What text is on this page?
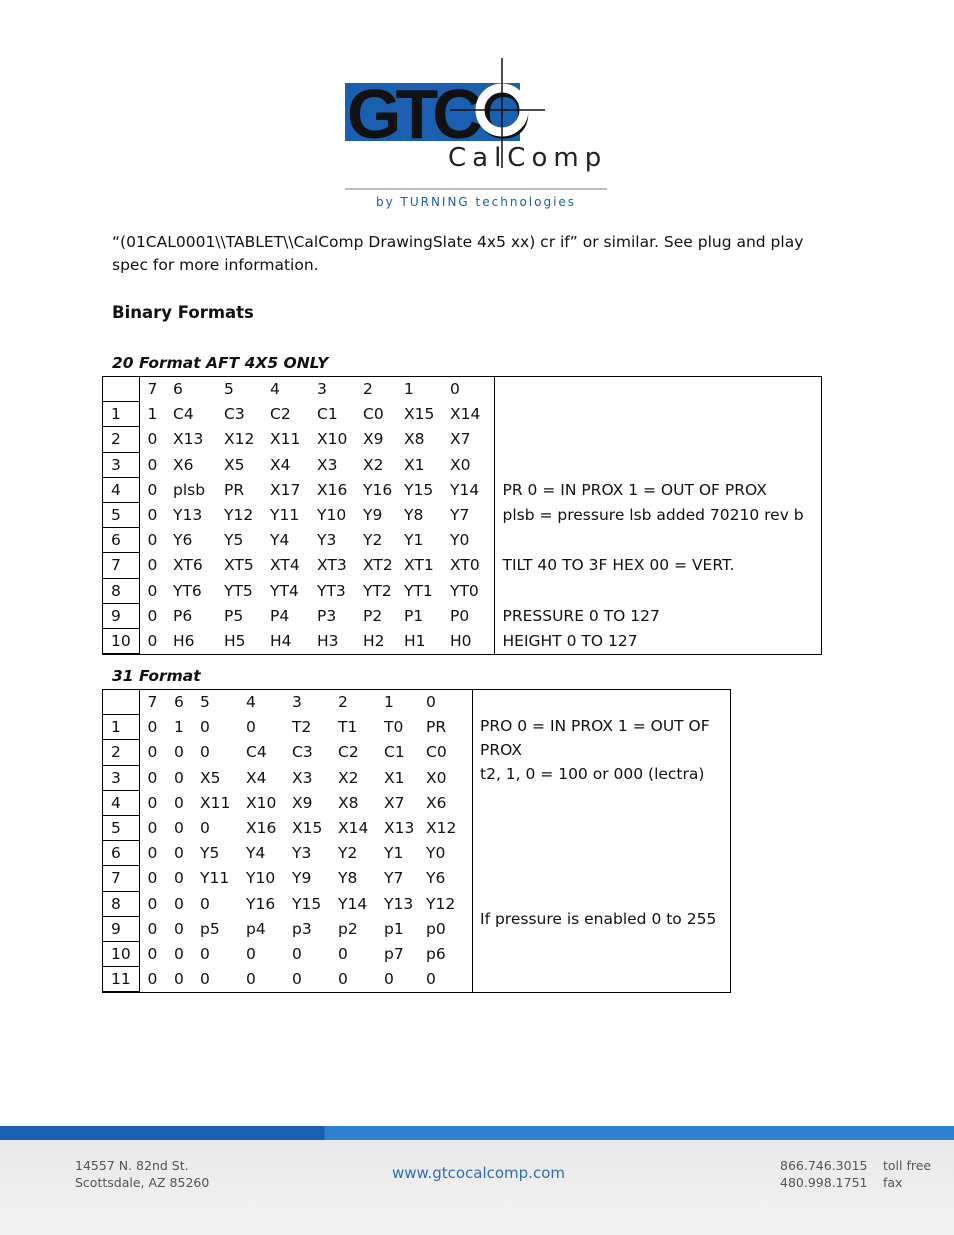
GTCO
CalComp
by TURNING technologies

“(01CAL0001\\TABLET\\CalComp DrawingSlate 4x5 xx) cr if” or similar. See plug and play spec for more information.

Binary Formats

20 Format AFT 4X5 ONLY

	7	6	5	4	3	2	1	0	
1	1	C4	C3	C2	C1	C0	X15	X14	
2	0	X13	X12	X11	X10	X9	X8	X7	
3	0	X6	X5	X4	X3	X2	X1	X0	
4	0	plsb	PR	X17	X16	Y16	Y15	Y14	PR 0 = IN PROX 1 = OUT OF PROX
5	0	Y13	Y12	Y11	Y10	Y9	Y8	Y7	plsb = pressure lsb added 70210 rev b
6	0	Y6	Y5	Y4	Y3	Y2	Y1	Y0	
7	0	XT6	XT5	XT4	XT3	XT2	XT1	XT0	TILT 40 TO 3F HEX 00 = VERT.
8	0	YT6	YT5	YT4	YT3	YT2	YT1	YT0	
9	0	P6	P5	P4	P3	P2	P1	P0	PRESSURE 0 TO 127
10	0	H6	H5	H4	H3	H2	H1	H0	HEIGHT 0 TO 127

31 Format

	7	6	5	4	3	2	1	0	
1	0	1	0	0	T2	T1	T0	PR	
2	0	0	0	C4	C3	C2	C1	C0	
3	0	0	X5	X4	X3	X2	X1	X0	
4	0	0	X11	X10	X9	X8	X7	X6	
5	0	0	0	X16	X15	X14	X13	X12	
6	0	0	Y5	Y4	Y3	Y2	Y1	Y0	
7	0	0	Y11	Y10	Y9	Y8	Y7	Y6	
8	0	0	0	Y16	Y15	Y14	Y13	Y12	
9	0	0	p5	p4	p3	p2	p1	p0	
10	0	0	0	0	0	0	p7	p6	
11	0	0	0	0	0	0	0	0	
PRO 0 = IN PROX 1 = OUT OF PROX
t2, 1, 0 = 100 or 000 (lectra)
If pressure is enabled 0 to 255
14557 N. 82nd St.
Scottsdale, AZ 85260
www.gtcocalcomp.com	866.746.3015
480.998.1751
toll free
fax
